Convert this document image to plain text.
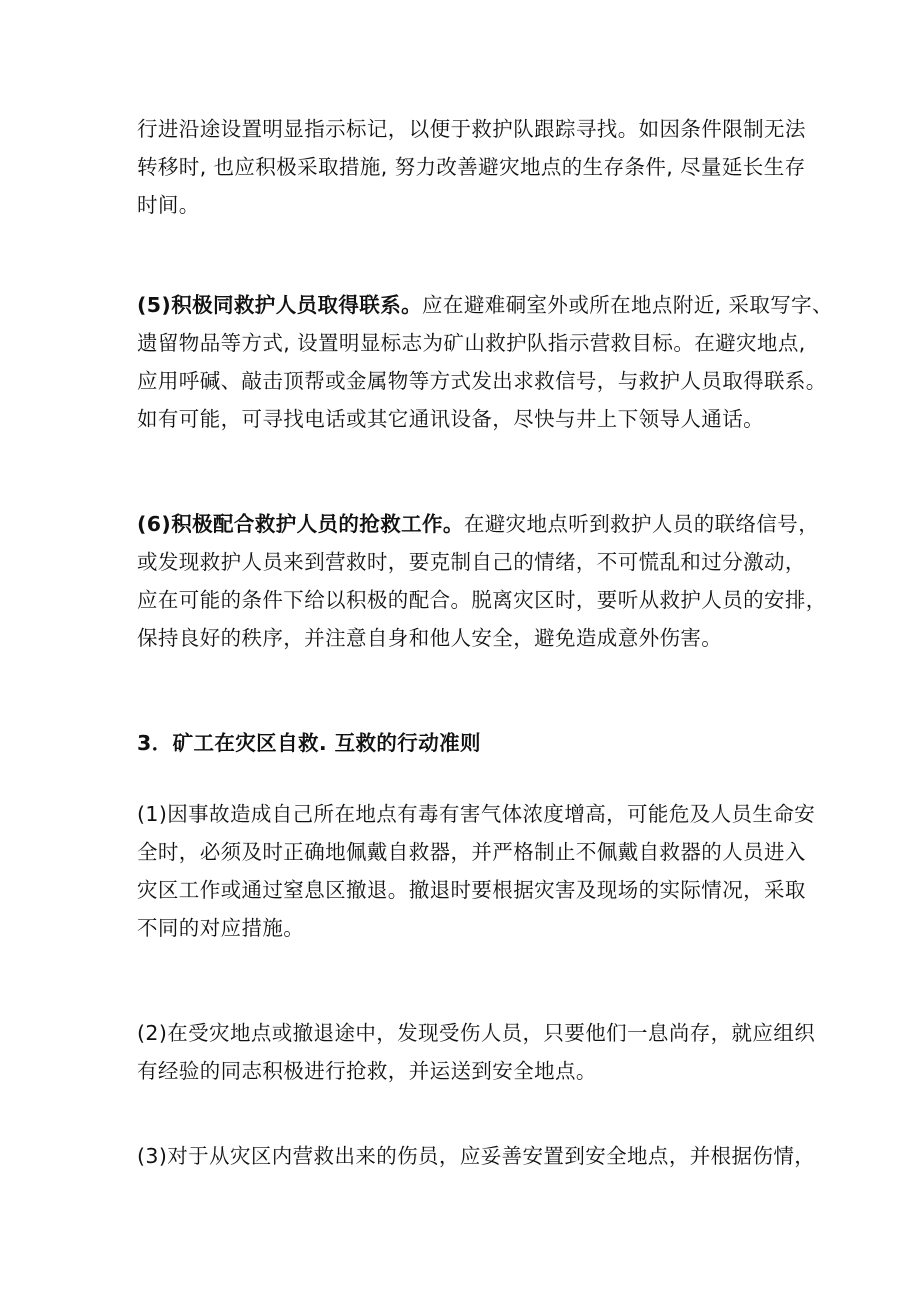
行进沿途设置明显指示标记，以便于救护队跟踪寻找。如因条件限制无法
转移时, 也应积极采取措施, 努力改善避灾地点的生存条件, 尽量延长生存
时间。
(5)积极同救护人员取得联系。应在避难硐室外或所在地点附近, 采取写字、
遗留物品等方式, 设置明显标志为矿山救护队指示营救目标。在避灾地点,
应用呼碱、敲击顶帮或金属物等方式发出求救信号，与救护人员取得联系。
如有可能，可寻找电话或其它通讯设备，尽快与井上下领导人通话。
(6)积极配合救护人员的抢救工作。在避灾地点听到救护人员的联络信号，
或发现救护人员来到营救时，要克制自己的情绪，不可慌乱和过分激动，
应在可能的条件下给以积极的配合。脱离灾区时，要听从救护人员的安排，
保持良好的秩序，并注意自身和他人安全，避免造成意外伤害。
3．矿工在灾区自救. 互救的行动准则
(1)因事故造成自己所在地点有毒有害气体浓度增高，可能危及人员生命安
全时，必须及时正确地佩戴自救器，并严格制止不佩戴自救器的人员进入
灾区工作或通过窒息区撤退。撤退时要根据灾害及现场的实际情况，采取
不同的对应措施。
(2)在受灾地点或撤退途中，发现受伤人员，只要他们一息尚存，就应组织
有经验的同志积极进行抢救，并运送到安全地点。
(3)对于从灾区内营救出来的伤员，应妥善安置到安全地点，并根据伤情，
